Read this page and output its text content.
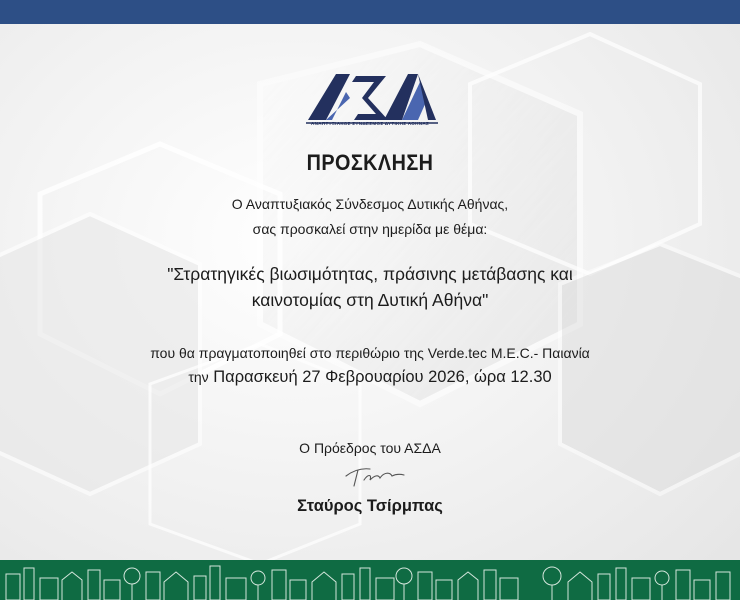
ΑΝΑΠΤΥΞΙΑΚΟΣ ΣΥΝΔΕΣΜΟΣ ΔΥΤΙΚΗΣ ΑΘΗΝΑΣ
ΠΡΟΣΚΛΗΣΗ
Ο Αναπτυξιακός Σύνδεσμος Δυτικής Αθήνας,
σας προσκαλεί στην ημερίδα με θέμα:
"Στρατηγικές βιωσιμότητας, πράσινης μετάβασης και
καινοτομίας στη Δυτική Αθήνα"
που θα πραγματοποιηθεί στο περιθώριο της Verde.tec M.E.C.- Παιανία
την Παρασκευή 27 Φεβρουαρίου 2026, ώρα 12.30
Ο Πρόεδρος του ΑΣΔΑ
Σταύρος Τσίρμπας
